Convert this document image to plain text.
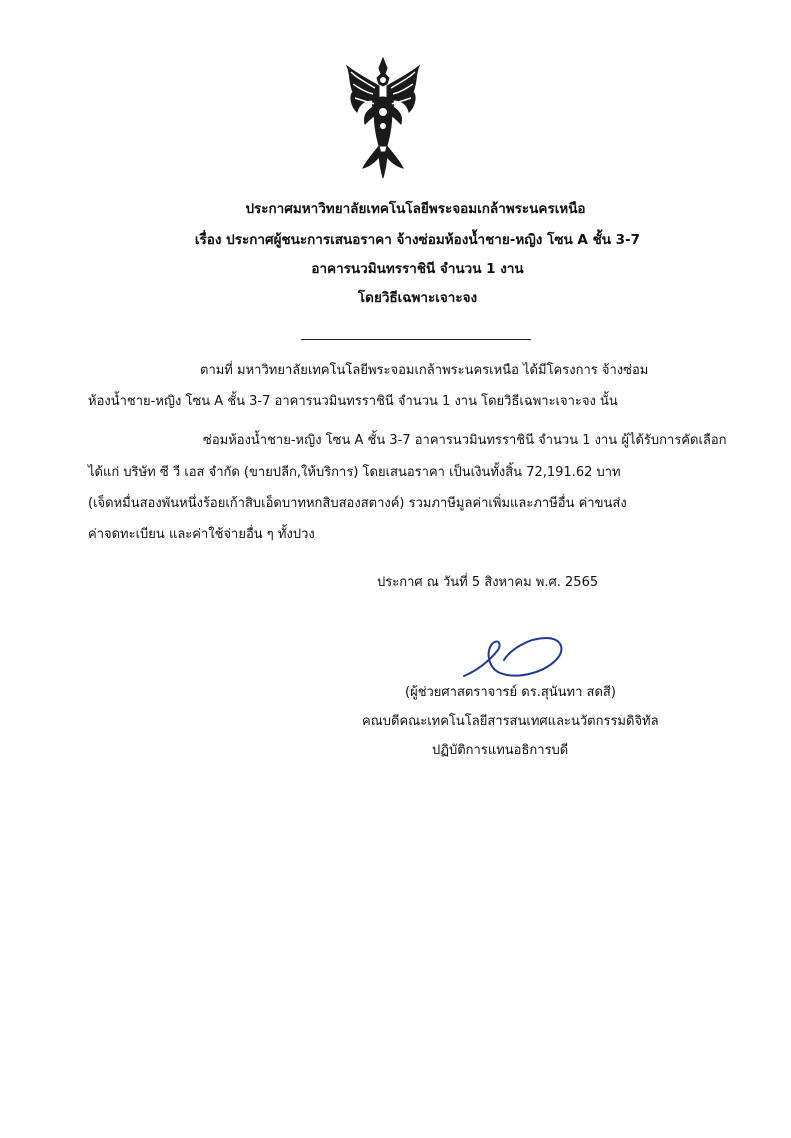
ประกาศมหาวิทยาลัยเทคโนโลยีพระจอมเกล้าพระนครเหนือ
เรื่อง ประกาศผู้ชนะการเสนอราคา จ้างซ่อมห้องน้ำชาย-หญิง โซน A ชั้น 3-7
อาคารนวมินทรราชินี จำนวน 1 งาน
โดยวิธีเฉพาะเจาะจง
ตามที่ มหาวิทยาลัยเทคโนโลยีพระจอมเกล้าพระนครเหนือ ได้มีโครงการ จ้างซ่อม
ห้องน้ำชาย-หญิง โซน A ชั้น 3-7 อาคารนวมินทรราชินี จำนวน 1 งาน โดยวิธีเฉพาะเจาะจง นั้น
ซ่อมห้องน้ำชาย-หญิง โซน A ชั้น 3-7 อาคารนวมินทรราชินี จำนวน 1 งาน ผู้ได้รับการคัดเลือก
ได้แก่ บริษัท ซี วี เอส จำกัด (ขายปลีก,ให้บริการ) โดยเสนอราคา เป็นเงินทั้งสิ้น 72,191.62 บาท
(เจ็ดหมื่นสองพันหนึ่งร้อยเก้าสิบเอ็ดบาทหกสิบสองสตางค์) รวมภาษีมูลค่าเพิ่มและภาษีอื่น ค่าขนส่ง
ค่าจดทะเบียน และค่าใช้จ่ายอื่น ๆ ทั้งปวง
ประกาศ ณ วันที่ 5 สิงหาคม พ.ศ. 2565
(ผู้ช่วยศาสตราจารย์ ดร.สุนันทา สดสี)
คณบดีคณะเทคโนโลยีสารสนเทศและนวัตกรรมดิจิทัล
ปฏิบัติการแทนอธิการบดี
